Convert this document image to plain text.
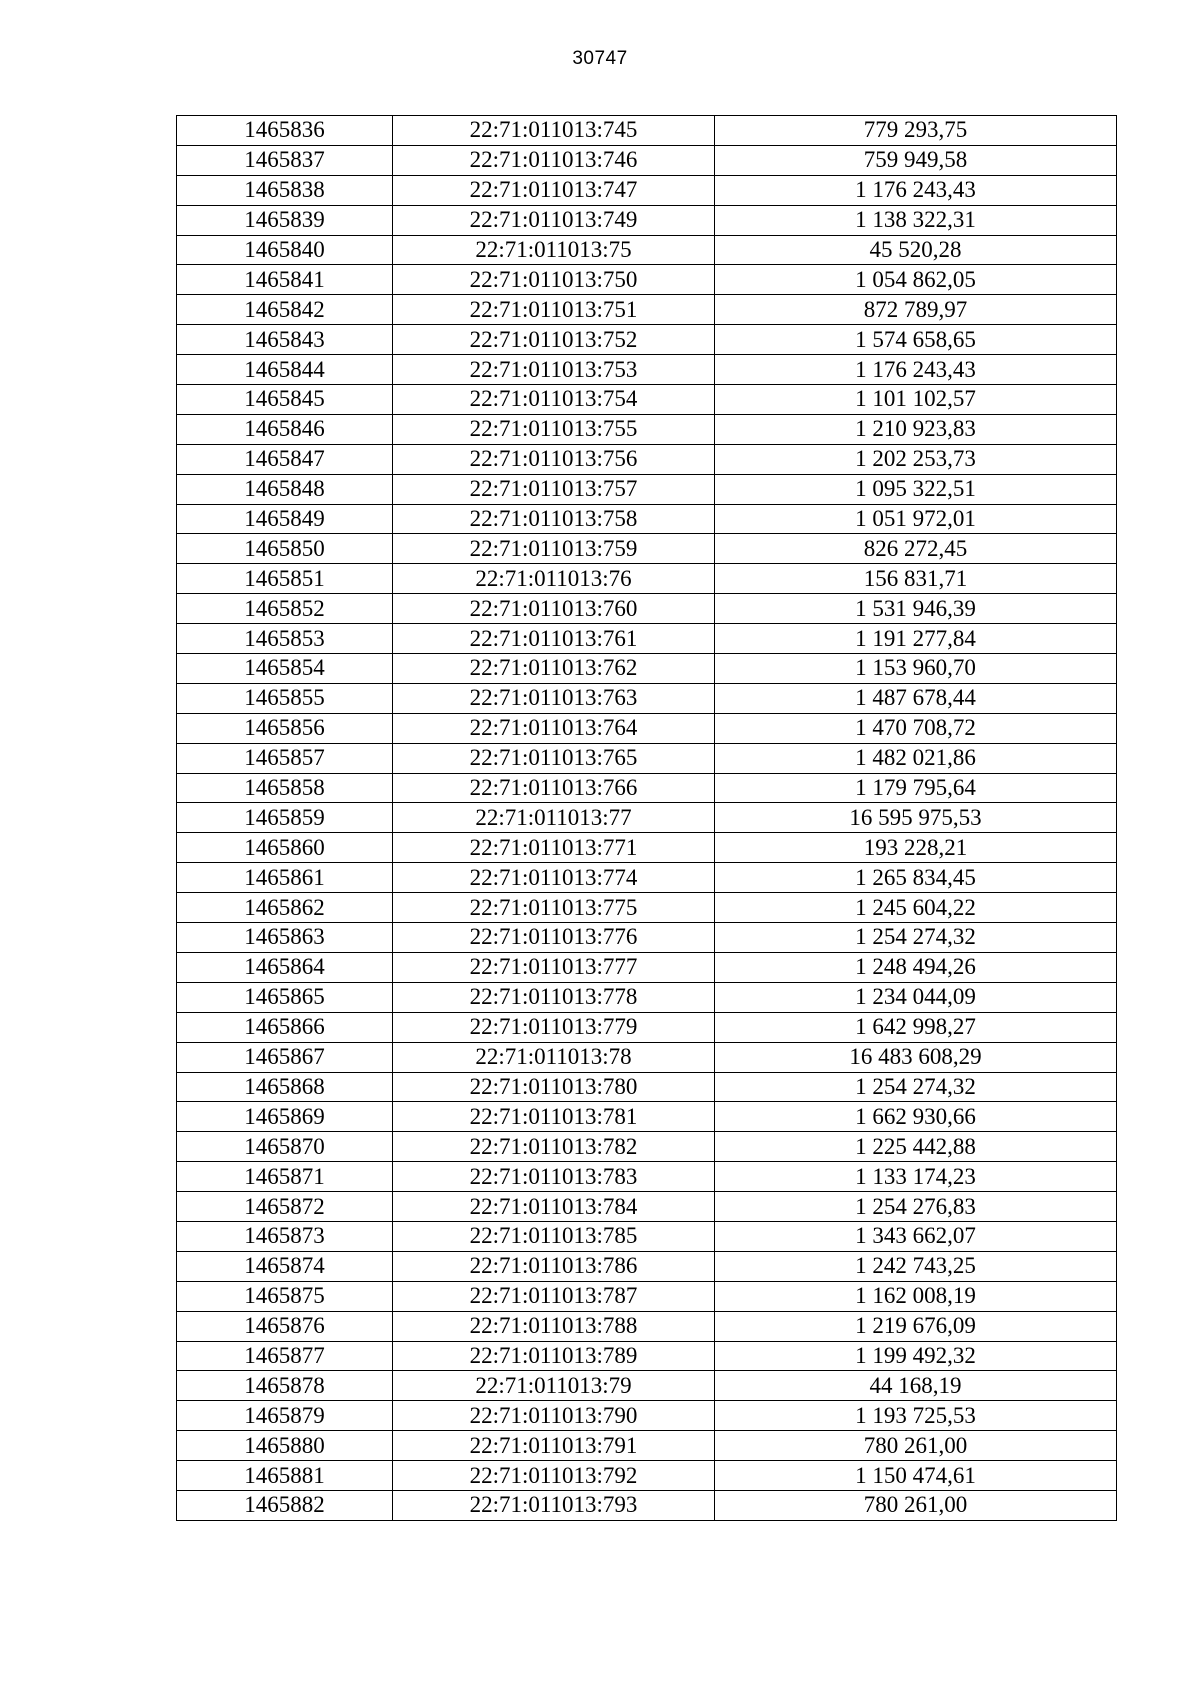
30747
1465836	22:71:011013:745	779 293,75
1465837	22:71:011013:746	759 949,58
1465838	22:71:011013:747	1 176 243,43
1465839	22:71:011013:749	1 138 322,31
1465840	22:71:011013:75	45 520,28
1465841	22:71:011013:750	1 054 862,05
1465842	22:71:011013:751	872 789,97
1465843	22:71:011013:752	1 574 658,65
1465844	22:71:011013:753	1 176 243,43
1465845	22:71:011013:754	1 101 102,57
1465846	22:71:011013:755	1 210 923,83
1465847	22:71:011013:756	1 202 253,73
1465848	22:71:011013:757	1 095 322,51
1465849	22:71:011013:758	1 051 972,01
1465850	22:71:011013:759	826 272,45
1465851	22:71:011013:76	156 831,71
1465852	22:71:011013:760	1 531 946,39
1465853	22:71:011013:761	1 191 277,84
1465854	22:71:011013:762	1 153 960,70
1465855	22:71:011013:763	1 487 678,44
1465856	22:71:011013:764	1 470 708,72
1465857	22:71:011013:765	1 482 021,86
1465858	22:71:011013:766	1 179 795,64
1465859	22:71:011013:77	16 595 975,53
1465860	22:71:011013:771	193 228,21
1465861	22:71:011013:774	1 265 834,45
1465862	22:71:011013:775	1 245 604,22
1465863	22:71:011013:776	1 254 274,32
1465864	22:71:011013:777	1 248 494,26
1465865	22:71:011013:778	1 234 044,09
1465866	22:71:011013:779	1 642 998,27
1465867	22:71:011013:78	16 483 608,29
1465868	22:71:011013:780	1 254 274,32
1465869	22:71:011013:781	1 662 930,66
1465870	22:71:011013:782	1 225 442,88
1465871	22:71:011013:783	1 133 174,23
1465872	22:71:011013:784	1 254 276,83
1465873	22:71:011013:785	1 343 662,07
1465874	22:71:011013:786	1 242 743,25
1465875	22:71:011013:787	1 162 008,19
1465876	22:71:011013:788	1 219 676,09
1465877	22:71:011013:789	1 199 492,32
1465878	22:71:011013:79	44 168,19
1465879	22:71:011013:790	1 193 725,53
1465880	22:71:011013:791	780 261,00
1465881	22:71:011013:792	1 150 474,61
1465882	22:71:011013:793	780 261,00
